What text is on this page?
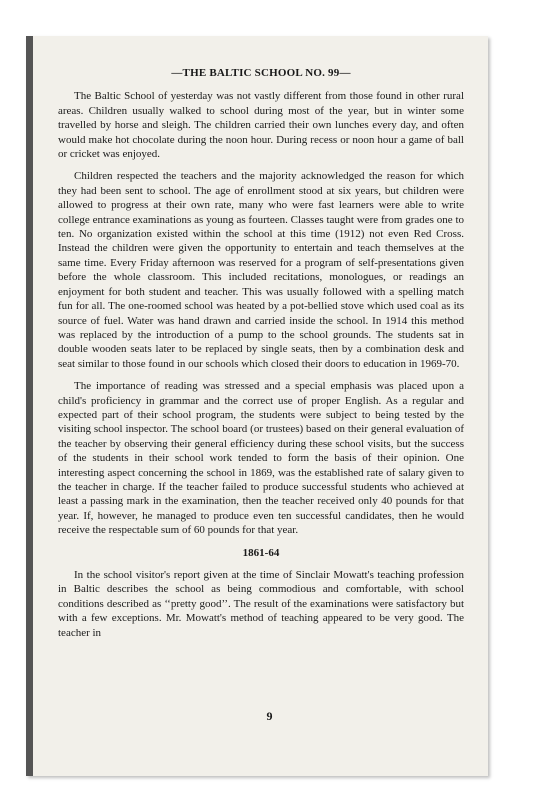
—THE BALTIC SCHOOL NO. 99—

The Baltic School of yesterday was not vastly different from those found in other rural areas. Children usually walked to school during most of the year, but in winter some travelled by horse and sleigh. The children carried their own lunches every day, and often would make hot chocolate during the noon hour. During recess or noon hour a game of ball or cricket was enjoyed.

Children respected the teachers and the majority acknowledged the reason for which they had been sent to school. The age of enrollment stood at six years, but children were allowed to progress at their own rate, many who were fast learners were able to write college entrance examinations as young as fourteen. Classes taught were from grades one to ten. No organization existed within the school at this time (1912) not even Red Cross. Instead the children were given the opportunity to entertain and teach themselves at the same time. Every Friday afternoon was reserved for a program of self-presentations given before the whole classroom. This included recitations, monologues, or readings an enjoyment for both student and teacher. This was usually followed with a spelling match fun for all. The one-roomed school was heated by a pot-bellied stove which used coal as its source of fuel. Water was hand drawn and carried inside the school. In 1914 this method was replaced by the introduction of a pump to the school grounds. The students sat in double wooden seats later to be replaced by single seats, then by a combination desk and seat similar to those found in our schools which closed their doors to education in 1969-70.

The importance of reading was stressed and a special emphasis was placed upon a child's proficiency in grammar and the correct use of proper English. As a regular and expected part of their school program, the students were subject to being tested by the visiting school inspector. The school board (or trustees) based on their general evaluation of the teacher by observing their general efficiency during these school visits, but the success of the students in their school work tended to form the basis of their opinion. One interesting aspect concerning the school in 1869, was the established rate of salary given to the teacher in charge. If the teacher failed to produce successful students who achieved at least a passing mark in the examination, then the teacher received only 40 pounds for that year. If, however, he managed to produce even ten successful candidates, then he would receive the respectable sum of 60 pounds for that year.

1861-64

In the school visitor's report given at the time of Sinclair Mowatt's teaching profession in Baltic describes the school as being commodious and comfortable, with school conditions described as ‘‘pretty good’’. The result of the examinations were satisfactory but with a few exceptions. Mr. Mowatt's method of teaching appeared to be very good. The teacher in

9
